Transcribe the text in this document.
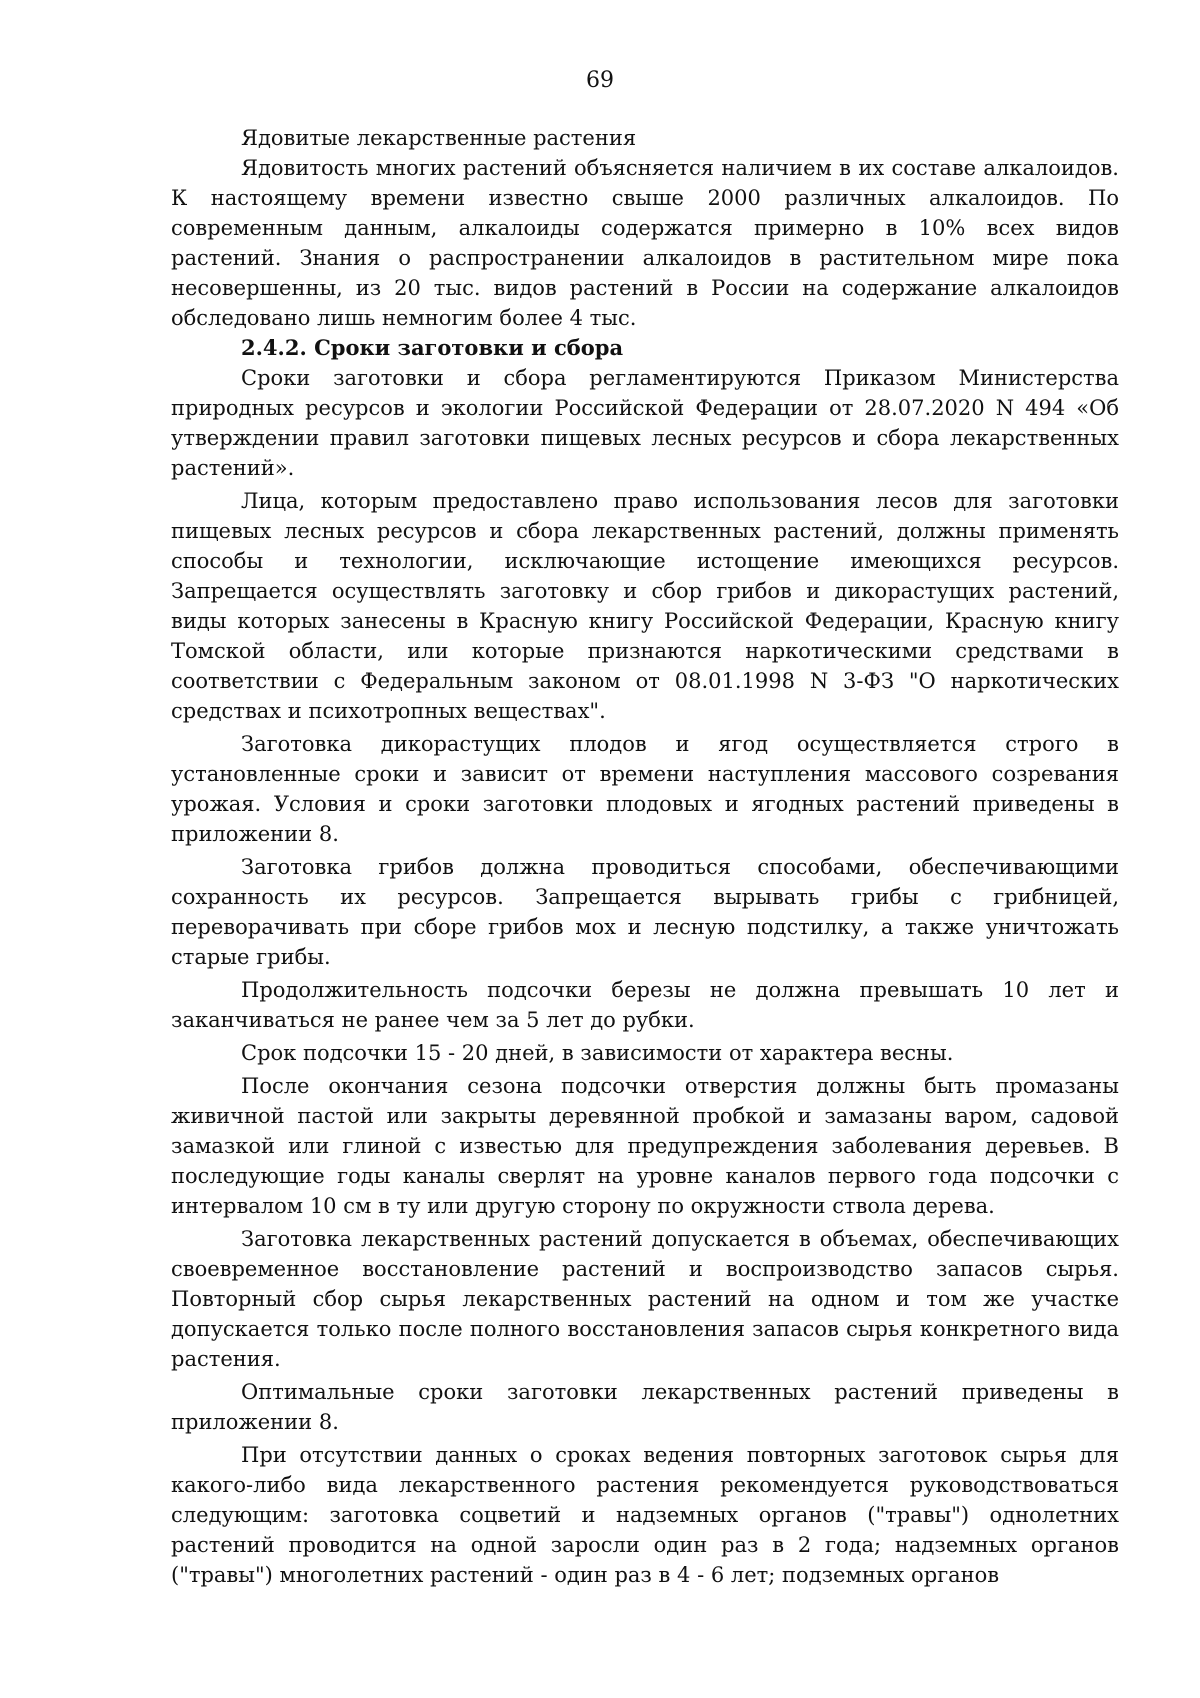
69

Ядовитые лекарственные растения

Ядовитость многих растений объясняется наличием в их составе алкалоидов. К настоящему времени известно свыше 2000 различных алкалоидов. По современным данным, алкалоиды содержатся примерно в 10% всех видов растений. Знания о распространении алкалоидов в растительном мире пока несовершенны, из 20 тыс. видов растений в России на содержание алкалоидов обследовано лишь немногим более 4 тыс.

2.4.2. Сроки заготовки и сбора

Сроки заготовки и сбора регламентируются Приказом Министерства природных ресурсов и экологии Российской Федерации от 28.07.2020 N 494 «Об утверждении правил заготовки пищевых лесных ресурсов и сбора лекарственных растений».

Лица, которым предоставлено право использования лесов для заготовки пищевых лесных ресурсов и сбора лекарственных растений, должны применять способы и технологии, исключающие истощение имеющихся ресурсов. Запрещается осуществлять заготовку и сбор грибов и дикорастущих растений, виды которых занесены в Красную книгу Российской Федерации, Красную книгу Томской области, или которые признаются наркотическими средствами в соответствии с Федеральным законом от 08.01.1998 N 3-ФЗ "О наркотических средствах и психотропных веществах".

Заготовка дикорастущих плодов и ягод осуществляется строго в установленные сроки и зависит от времени наступления массового созревания урожая. Условия и сроки заготовки плодовых и ягодных растений приведены в приложении 8.

Заготовка грибов должна проводиться способами, обеспечивающими сохранность их ресурсов. Запрещается вырывать грибы с грибницей, переворачивать при сборе грибов мох и лесную подстилку, а также уничтожать старые грибы.

Продолжительность подсочки березы не должна превышать 10 лет и заканчиваться не ранее чем за 5 лет до рубки.

Срок подсочки 15 - 20 дней, в зависимости от характера весны.

После окончания сезона подсочки отверстия должны быть промазаны живичной пастой или закрыты деревянной пробкой и замазаны варом, садовой замазкой или глиной с известью для предупреждения заболевания деревьев. В последующие годы каналы сверлят на уровне каналов первого года подсочки с интервалом 10 см в ту или другую сторону по окружности ствола дерева.

Заготовка лекарственных растений допускается в объемах, обеспечивающих своевременное восстановление растений и воспроизводство запасов сырья. Повторный сбор сырья лекарственных растений на одном и том же участке допускается только после полного восстановления запасов сырья конкретного вида растения.

Оптимальные сроки заготовки лекарственных растений приведены в приложении 8.

При отсутствии данных о сроках ведения повторных заготовок сырья для какого-либо вида лекарственного растения рекомендуется руководствоваться следующим: заготовка соцветий и надземных органов ("травы") однолетних растений проводится на одной заросли один раз в 2 года; надземных органов ("травы") многолетних растений - один раз в 4 - 6 лет; подземных органов
